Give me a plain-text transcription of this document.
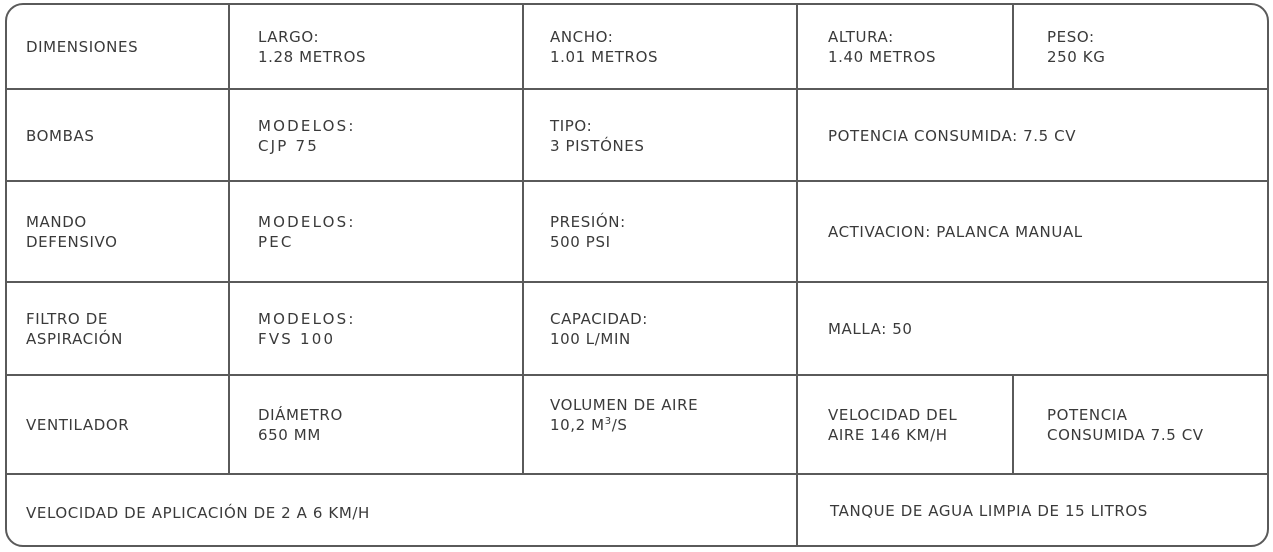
DIMENSIONES
LARGO:
1.28 METROS
ANCHO:
1.01 METROS
ALTURA:
1.40 METROS
PESO:
250 KG
BOMBAS
MODELOS:
CJP 75
TIPO:
3 PISTÓNES
POTENCIA CONSUMIDA: 7.5 CV
MANDO
DEFENSIVO
MODELOS:
PEC
PRESIÓN:
500 PSI
ACTIVACION: PALANCA MANUAL
FILTRO DE
ASPIRACIÓN
MODELOS:
FVS 100
CAPACIDAD:
100 L/MIN
MALLA: 50
VENTILADOR
DIÁMETRO
650 MM
VOLUMEN DE AIRE
10,2 $M^3/S$
VELOCIDAD DEL
AIRE 146 KM/H
POTENCIA
CONSUMIDA 7.5 CV
VELOCIDAD DE APLICACIÓN DE 2 A 6 KM/H	TANQUE DE AGUA LIMPIA DE 15 LITROS
